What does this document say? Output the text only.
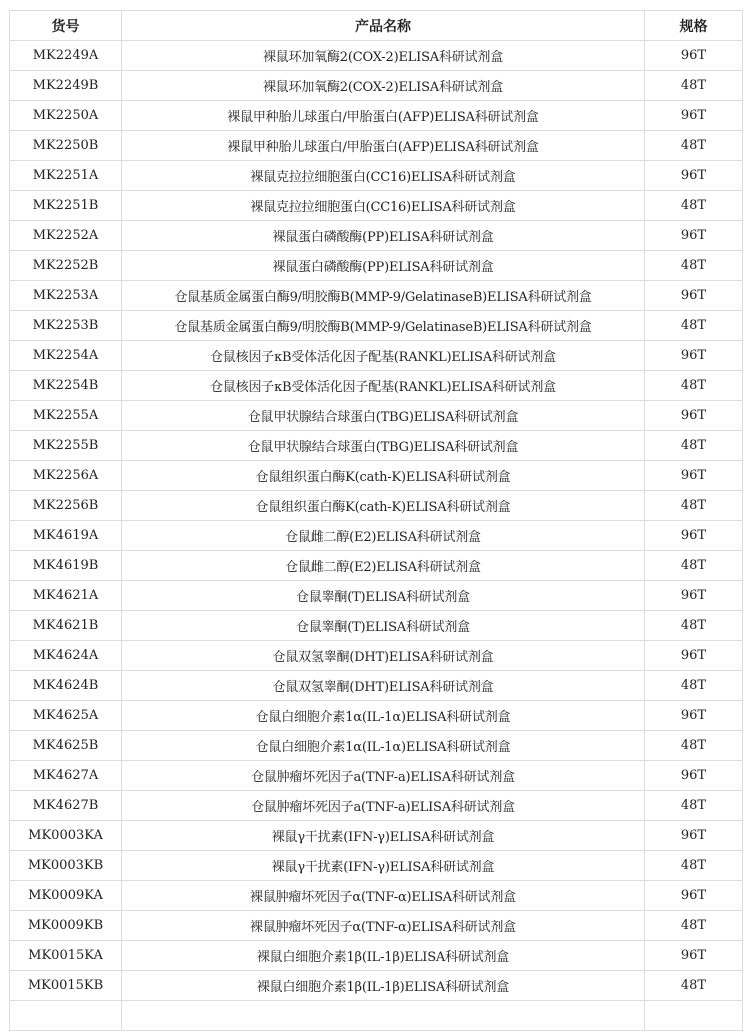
货号	产品名称	规格
MK2249A	裸鼠环加氧酶2(COX-2)ELISA科研试剂盒	96T
MK2249B	裸鼠环加氧酶2(COX-2)ELISA科研试剂盒	48T
MK2250A	裸鼠甲种胎儿球蛋白/甲胎蛋白(AFP)ELISA科研试剂盒	96T
MK2250B	裸鼠甲种胎儿球蛋白/甲胎蛋白(AFP)ELISA科研试剂盒	48T
MK2251A	裸鼠克拉拉细胞蛋白(CC16)ELISA科研试剂盒	96T
MK2251B	裸鼠克拉拉细胞蛋白(CC16)ELISA科研试剂盒	48T
MK2252A	裸鼠蛋白磷酸酶(PP)ELISA科研试剂盒	96T
MK2252B	裸鼠蛋白磷酸酶(PP)ELISA科研试剂盒	48T
MK2253A	仓鼠基质金属蛋白酶9/明胶酶B(MMP-9/GelatinaseB)ELISA科研试剂盒	96T
MK2253B	仓鼠基质金属蛋白酶9/明胶酶B(MMP-9/GelatinaseB)ELISA科研试剂盒	48T
MK2254A	仓鼠核因子κB受体活化因子配基(RANKL)ELISA科研试剂盒	96T
MK2254B	仓鼠核因子κB受体活化因子配基(RANKL)ELISA科研试剂盒	48T
MK2255A	仓鼠甲状腺结合球蛋白(TBG)ELISA科研试剂盒	96T
MK2255B	仓鼠甲状腺结合球蛋白(TBG)ELISA科研试剂盒	48T
MK2256A	仓鼠组织蛋白酶K(cath-K)ELISA科研试剂盒	96T
MK2256B	仓鼠组织蛋白酶K(cath-K)ELISA科研试剂盒	48T
MK4619A	仓鼠雌二醇(E2)ELISA科研试剂盒	96T
MK4619B	仓鼠雌二醇(E2)ELISA科研试剂盒	48T
MK4621A	仓鼠睾酮(T)ELISA科研试剂盒	96T
MK4621B	仓鼠睾酮(T)ELISA科研试剂盒	48T
MK4624A	仓鼠双氢睾酮(DHT)ELISA科研试剂盒	96T
MK4624B	仓鼠双氢睾酮(DHT)ELISA科研试剂盒	48T
MK4625A	仓鼠白细胞介素1α(IL-1α)ELISA科研试剂盒	96T
MK4625B	仓鼠白细胞介素1α(IL-1α)ELISA科研试剂盒	48T
MK4627A	仓鼠肿瘤坏死因子a(TNF-a)ELISA科研试剂盒	96T
MK4627B	仓鼠肿瘤坏死因子a(TNF-a)ELISA科研试剂盒	48T
MK0003KA	裸鼠γ干扰素(IFN-γ)ELISA科研试剂盒	96T
MK0003KB	裸鼠γ干扰素(IFN-γ)ELISA科研试剂盒	48T
MK0009KA	裸鼠肿瘤坏死因子α(TNF-α)ELISA科研试剂盒	96T
MK0009KB	裸鼠肿瘤坏死因子α(TNF-α)ELISA科研试剂盒	48T
MK0015KA	裸鼠白细胞介素1β(IL-1β)ELISA科研试剂盒	96T
MK0015KB	裸鼠白细胞介素1β(IL-1β)ELISA科研试剂盒	48T
